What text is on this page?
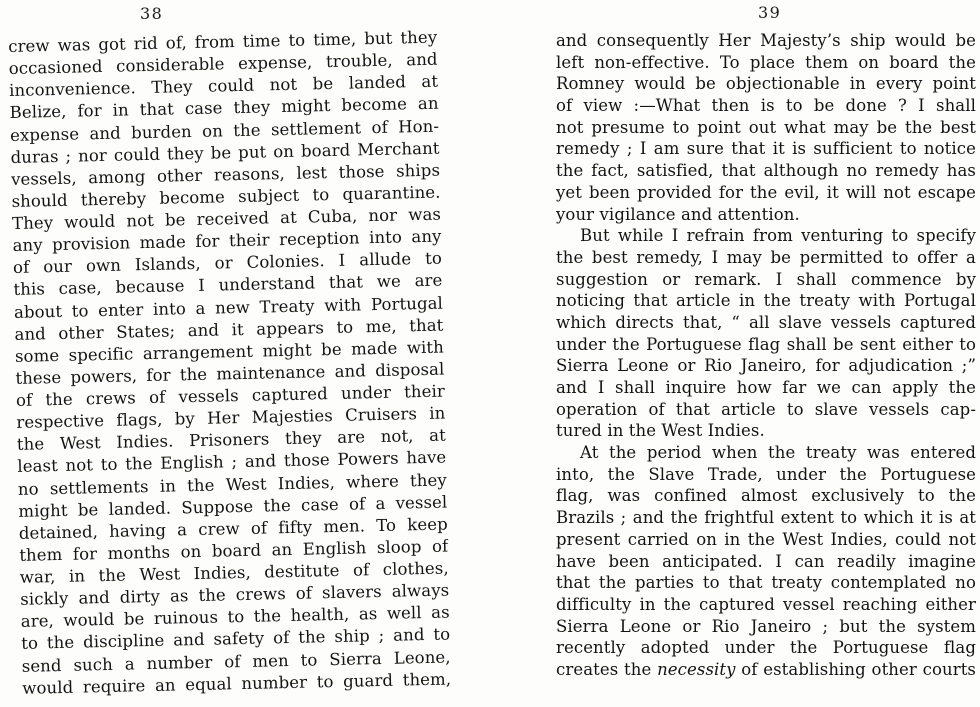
38
crew was got rid of, from time to time, but they
occasioned considerable expense, trouble, and
inconvenience. They could not be landed at
Belize, for in that case they might become an
expense and burden on the settlement of Hon-
duras ; nor could they be put on board Merchant
vessels, among other reasons, lest those ships
should thereby become subject to quarantine.
They would not be received at Cuba, nor was
any provision made for their reception into any
of our own Islands, or Colonies. I allude to
this case, because I understand that we are
about to enter into a new Treaty with Portugal
and other States; and it appears to me, that
some specific arrangement might be made with
these powers, for the maintenance and disposal
of the crews of vessels captured under their
respective flags, by Her Majesties Cruisers in
the West Indies. Prisoners they are not, at
least not to the English ; and those Powers have
no settlements in the West Indies, where they
might be landed. Suppose the case of a vessel
detained, having a crew of fifty men. To keep
them for months on board an English sloop of
war, in the West Indies, destitute of clothes,
sickly and dirty as the crews of slavers always
are, would be ruinous to the health, as well as
to the discipline and safety of the ship ; and to
send such a number of men to Sierra Leone,
would require an equal number to guard them,
39
and consequently Her Majesty’s ship would be
left non-effective. To place them on board the
Romney would be objectionable in every point
of view :—What then is to be done ? I shall
not presume to point out what may be the best
remedy ; I am sure that it is sufficient to notice
the fact, satisfied, that although no remedy has
yet been provided for the evil, it will not escape
your vigilance and attention.
But while I refrain from venturing to specify
the best remedy, I may be permitted to offer a
suggestion or remark. I shall commence by
noticing that article in the treaty with Portugal
which directs that, “ all slave vessels captured
under the Portuguese flag shall be sent either to
Sierra Leone or Rio Janeiro, for adjudication ;”
and I shall inquire how far we can apply the
operation of that article to slave vessels cap-
tured in the West Indies.
At the period when the treaty was entered
into, the Slave Trade, under the Portuguese
flag, was confined almost exclusively to the
Brazils ; and the frightful extent to which it is at
present carried on in the West Indies, could not
have been anticipated. I can readily imagine
that the parties to that treaty contemplated no
difficulty in the captured vessel reaching either
Sierra Leone or Rio Janeiro ; but the system
recently adopted under the Portuguese flag
creates the necessity of establishing other courts
